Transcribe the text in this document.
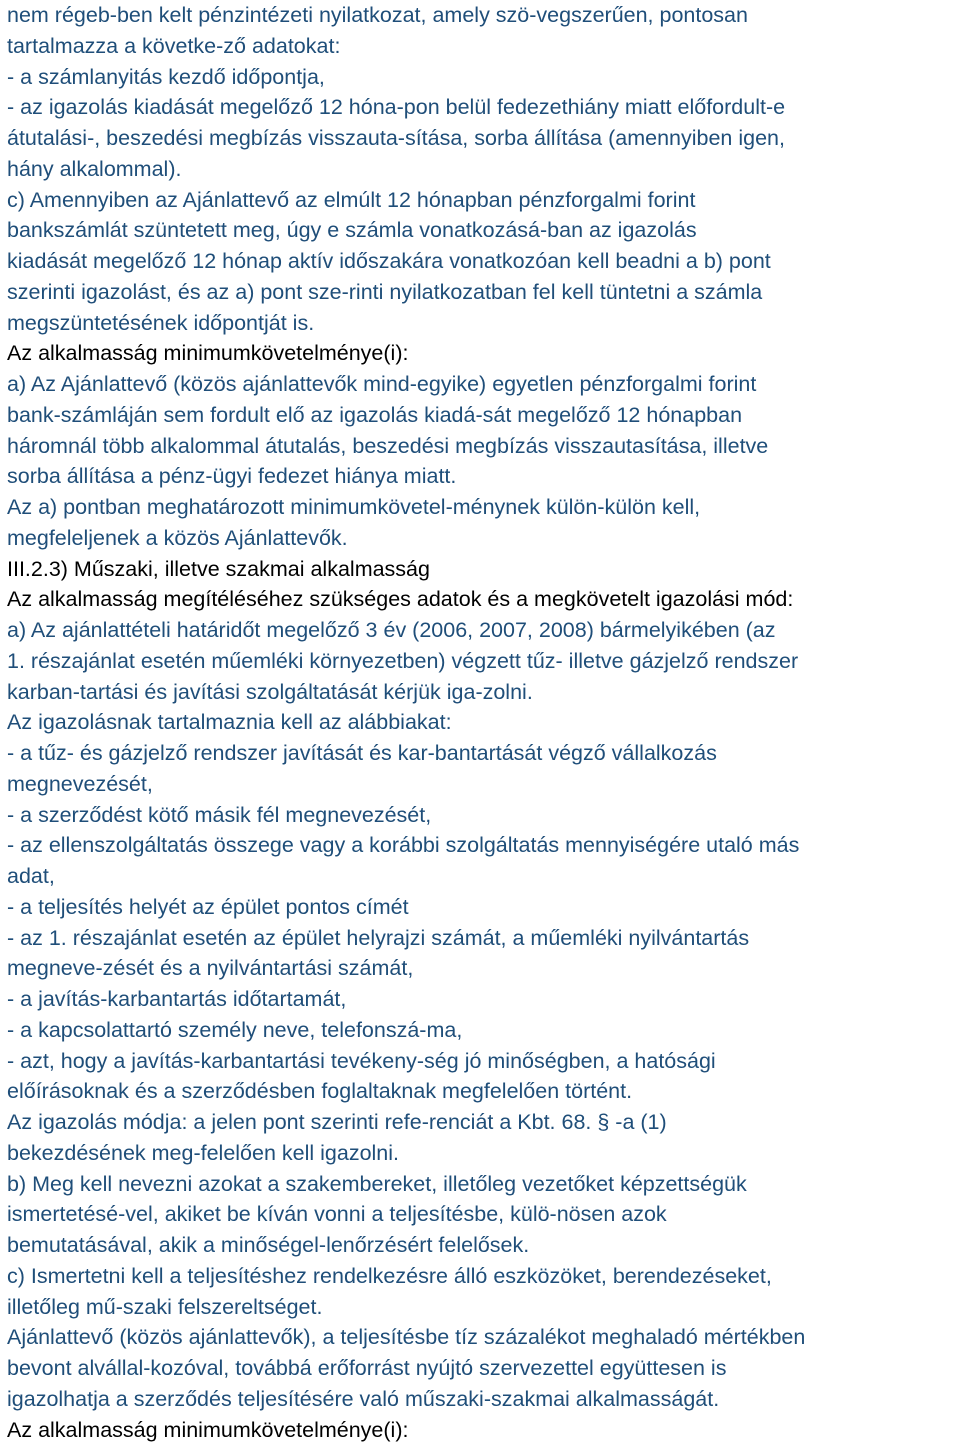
nem régeb-ben kelt pénzintézeti nyilatkozat, amely szö-vegszerűen, pontosan
tartalmazza a követke-ző adatokat:
- a számlanyitás kezdő időpontja,
- az igazolás kiadását megelőző 12 hóna-pon belül fedezethiány miatt előfordult-e
átutalási-, beszedési megbízás visszauta-sítása, sorba állítása (amennyiben igen,
hány alkalommal).
c) Amennyiben az Ajánlattevő az elmúlt 12 hónapban pénzforgalmi forint
bankszámlát szüntetett meg, úgy e számla vonatkozásá-ban az igazolás
kiadását megelőző 12 hónap aktív időszakára vonatkozóan kell beadni a b) pont
szerinti igazolást, és az a) pont sze-rinti nyilatkozatban fel kell tüntetni a számla
megszüntetésének időpontját is.
Az alkalmasság minimumkövetelménye(i):
a) Az Ajánlattevő (közös ajánlattevők mind-egyike) egyetlen pénzforgalmi forint
bank-számláján sem fordult elő az igazolás kiadá-sát megelőző 12 hónapban
háromnál több alkalommal átutalás, beszedési megbízás visszautasítása, illetve
sorba állítása a pénz-ügyi fedezet hiánya miatt.
Az a) pontban meghatározott minimumkövetel-ménynek külön-külön kell,
megfeleljenek a közös Ajánlattevők.
III.2.3) Műszaki, illetve szakmai alkalmasság
Az alkalmasság megítéléséhez szükséges adatok és a megkövetelt igazolási mód:
a) Az ajánlattételi határidőt megelőző 3 év (2006, 2007, 2008) bármelyikében (az
1. részajánlat esetén műemléki környezetben) végzett tűz- illetve gázjelző rendszer
karban-tartási és javítási szolgáltatását kérjük iga-zolni.
Az igazolásnak tartalmaznia kell az alábbiakat:
- a tűz- és gázjelző rendszer javítását és kar-bantartását végző vállalkozás
megnevezését,
- a szerződést kötő másik fél megnevezését,
- az ellenszolgáltatás összege vagy a korábbi szolgáltatás mennyiségére utaló más
adat,
- a teljesítés helyét az épület pontos címét
- az 1. részajánlat esetén az épület helyrajzi számát, a műemléki nyilvántartás
megneve-zését és a nyilvántartási számát,
- a javítás-karbantartás időtartamát,
- a kapcsolattartó személy neve, telefonszá-ma,
- azt, hogy a javítás-karbantartási tevékeny-ség jó minőségben, a hatósági
előírásoknak és a szerződésben foglaltaknak megfelelően történt.
Az igazolás módja: a jelen pont szerinti refe-renciát a Kbt. 68. § -a (1)
bekezdésének meg-felelően kell igazolni.
b) Meg kell nevezni azokat a szakembereket, illetőleg vezetőket képzettségük
ismertetésé-vel, akiket be kíván vonni a teljesítésbe, külö-nösen azok
bemutatásával, akik a minőségel-lenőrzésért felelősek.
c) Ismertetni kell a teljesítéshez rendelkezésre álló eszközöket, berendezéseket,
illetőleg mű-szaki felszereltséget.
Ajánlattevő (közös ajánlattevők), a teljesítésbe tíz százalékot meghaladó mértékben
bevont alvállal-kozóval, továbbá erőforrást nyújtó szervezettel együttesen is
igazolhatja a szerződés teljesítésére való műszaki-szakmai alkalmasságát.
Az alkalmasság minimumkövetelménye(i):
